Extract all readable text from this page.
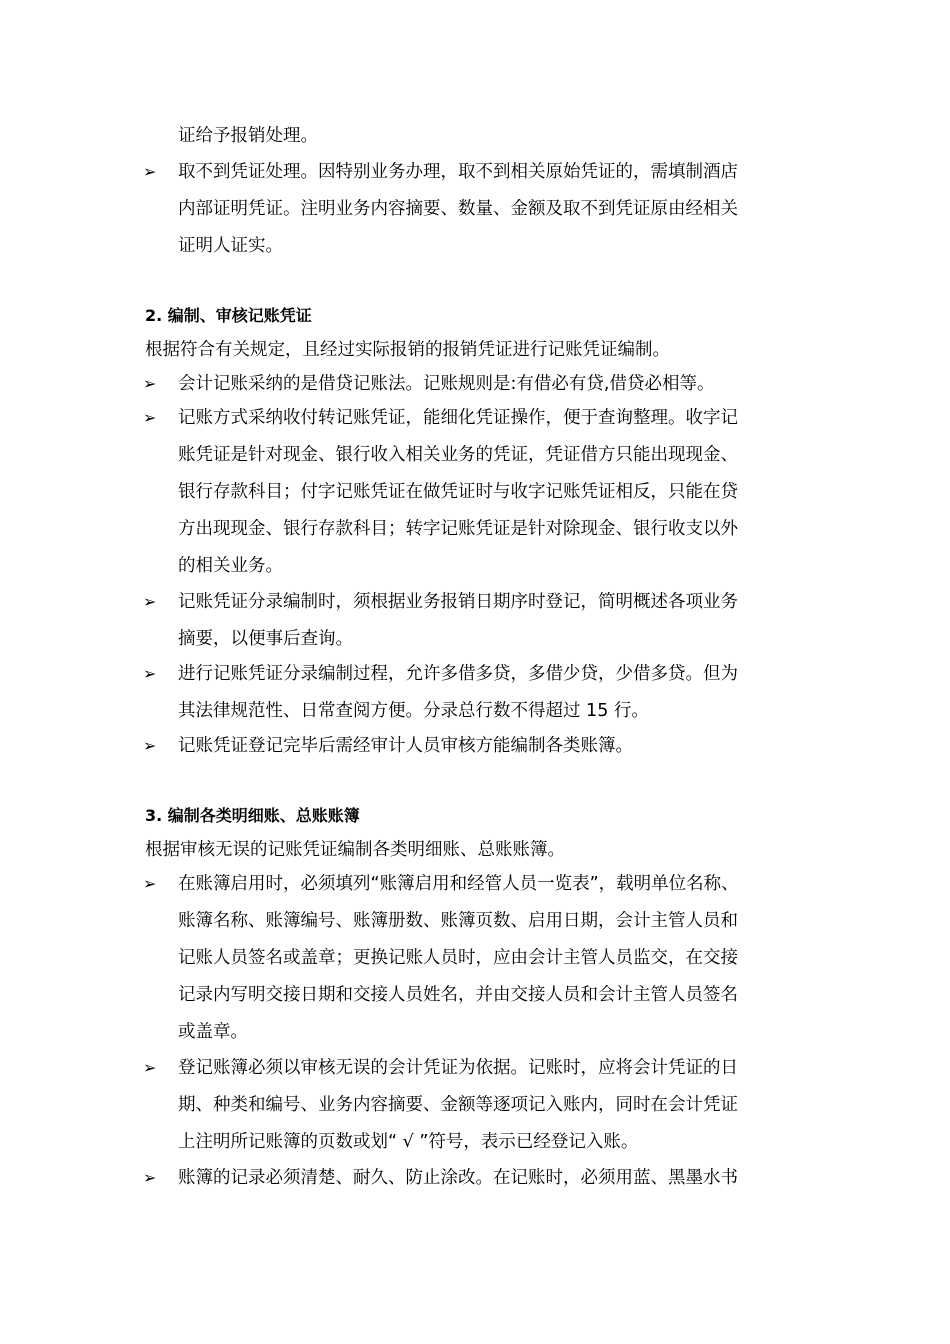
证给予报销处理。
➢ 取不到凭证处理。因特别业务办理，取不到相关原始凭证的，需填制酒店
内部证明凭证。注明业务内容摘要、数量、金额及取不到凭证原由经相关
证明人证实。
2. 编制、审核记账凭证
根据符合有关规定，且经过实际报销的报销凭证进行记账凭证编制。
➢ 会计记账采纳的是借贷记账法。记账规则是:有借必有贷,借贷必相等。
➢ 记账方式采纳收付转记账凭证，能细化凭证操作，便于查询整理。收字记
账凭证是针对现金、银行收入相关业务的凭证，凭证借方只能出现现金、
银行存款科目；付字记账凭证在做凭证时与收字记账凭证相反，只能在贷
方出现现金、银行存款科目；转字记账凭证是针对除现金、银行收支以外
的相关业务。
➢ 记账凭证分录编制时，须根据业务报销日期序时登记，简明概述各项业务
摘要，以便事后查询。
➢ 进行记账凭证分录编制过程，允许多借多贷，多借少贷，少借多贷。但为
其法律规范性、日常查阅方便。分录总行数不得超过 15 行。
➢ 记账凭证登记完毕后需经审计人员审核方能编制各类账簿。
3. 编制各类明细账、总账账簿
根据审核无误的记账凭证编制各类明细账、总账账簿。
➢ 在账簿启用时，必须填列“账簿启用和经管人员一览表”，载明单位名称、
账簿名称、账簿编号、账簿册数、账簿页数、启用日期，会计主管人员和
记账人员签名或盖章；更换记账人员时，应由会计主管人员监交，在交接
记录内写明交接日期和交接人员姓名，并由交接人员和会计主管人员签名
或盖章。
➢ 登记账簿必须以审核无误的会计凭证为依据。记账时，应将会计凭证的日
期、种类和编号、业务内容摘要、金额等逐项记入账内，同时在会计凭证
上注明所记账簿的页数或划“ √ ”符号，表示已经登记入账。
➢ 账簿的记录必须清楚、耐久、防止涂改。在记账时，必须用蓝、黑墨水书
